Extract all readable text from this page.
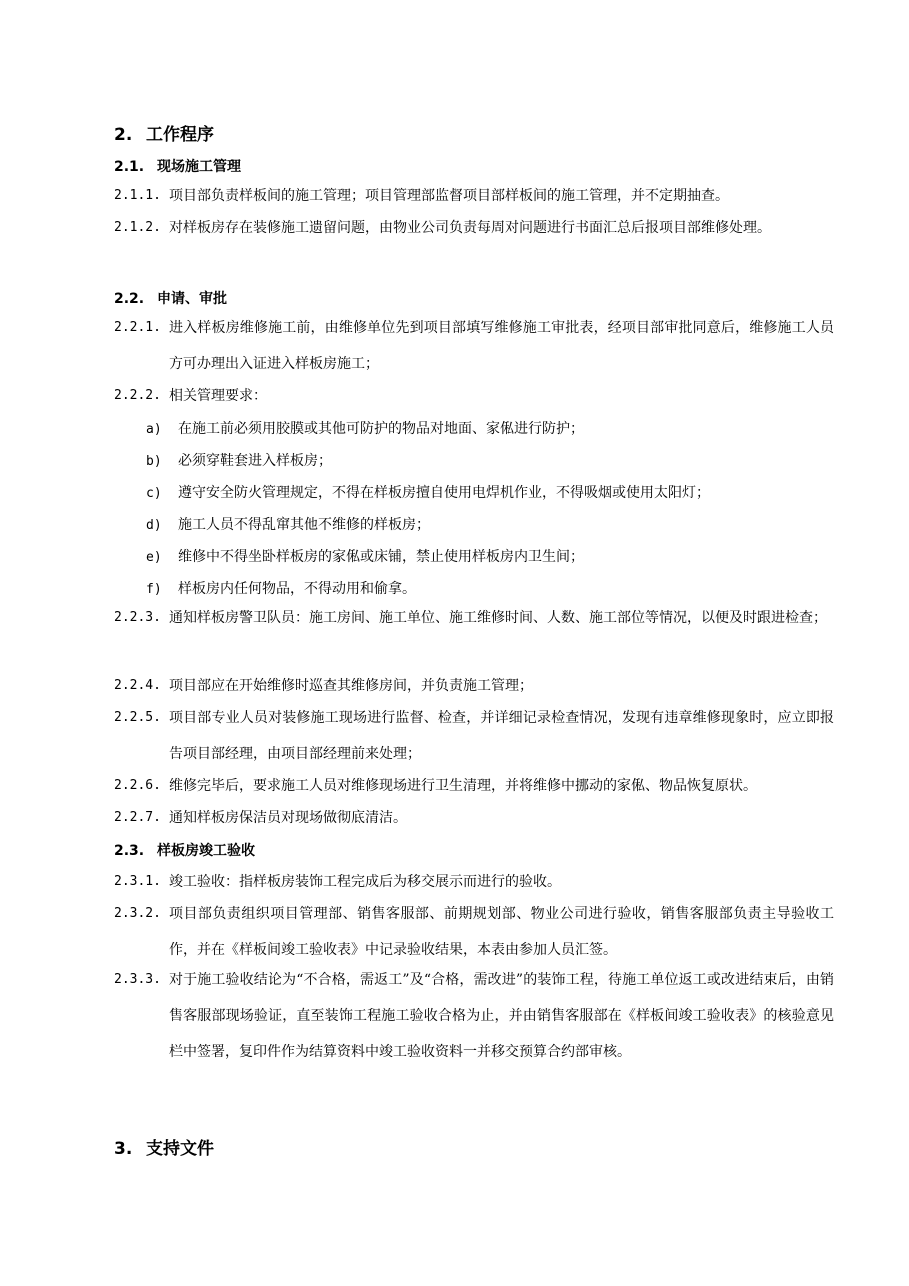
2. 工作程序
2.1. 现场施工管理
2.1.1. 项目部负责样板间的施工管理；项目管理部监督项目部样板间的施工管理，并不定期抽查。
2.1.2. 对样板房存在装修施工遗留问题，由物业公司负责每周对问题进行书面汇总后报项目部维修处理。
2.2. 申请、审批
2.2.1. 进入样板房维修施工前，由维修单位先到项目部填写维修施工审批表，经项目部审批同意后，维修施工人员方可办理出入证进入样板房施工；
2.2.2. 相关管理要求：
a) 在施工前必须用胶膜或其他可防护的物品对地面、家俬进行防护；
b) 必须穿鞋套进入样板房；
c) 遵守安全防火管理规定，不得在样板房擅自使用电焊机作业，不得吸烟或使用太阳灯；
d) 施工人员不得乱窜其他不维修的样板房；
e) 维修中不得坐卧样板房的家俬或床铺，禁止使用样板房内卫生间；
f) 样板房内任何物品，不得动用和偷拿。
2.2.3. 通知样板房警卫队员：施工房间、施工单位、施工维修时间、人数、施工部位等情况，以便及时跟进检查；
2.2.4. 项目部应在开始维修时巡查其维修房间，并负责施工管理；
2.2.5. 项目部专业人员对装修施工现场进行监督、检查，并详细记录检查情况，发现有违章维修现象时，应立即报告项目部经理，由项目部经理前来处理；
2.2.6. 维修完毕后，要求施工人员对维修现场进行卫生清理，并将维修中挪动的家俬、物品恢复原状。
2.2.7. 通知样板房保洁员对现场做彻底清洁。
2.3. 样板房竣工验收
2.3.1. 竣工验收：指样板房装饰工程完成后为移交展示而进行的验收。
2.3.2. 项目部负责组织项目管理部、销售客服部、前期规划部、物业公司进行验收，销售客服部负责主导验收工作，并在《样板间竣工验收表》中记录验收结果，本表由参加人员汇签。
2.3.3. 对于施工验收结论为“不合格，需返工”及“合格，需改进”的装饰工程，待施工单位返工或改进结束后，由销售客服部现场验证，直至装饰工程施工验收合格为止，并由销售客服部在《样板间竣工验收表》的核验意见栏中签署，复印件作为结算资料中竣工验收资料一并移交预算合约部审核。
3. 支持文件
